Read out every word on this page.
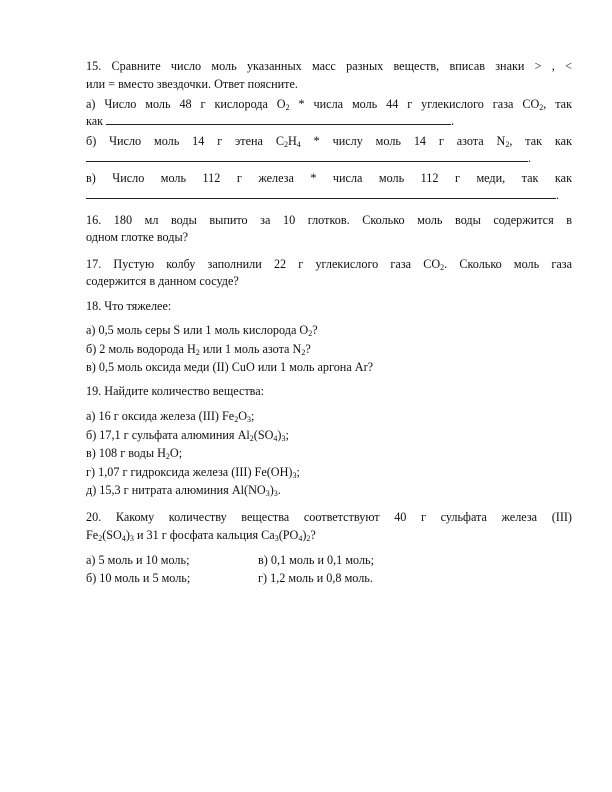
15. Сравните число моль указанных масс разных веществ, вписав знаки > , <
или = вместо звездочки. Ответ поясните.
а) Число моль 48 г кислорода $O_2$ * числа моль 44 г углекислого газа $CO_2$, так
как	.
б) Число моль 14 г этена $C_2H_4$ * числу моль 14 г азота $N_2$, так как
.
в) Число моль 112 г железа * числа моль 112 г меди, так как
.
16. 180 мл воды выпито за 10 глотков. Сколько моль воды содержится в
одном глотке воды?
17. Пустую колбу заполнили 22 г углекислого газа $CO_2$. Сколько моль газа
содержится в данном сосуде?
18. Что тяжелее:
а) 0,5 моль серы S или 1 моль кислорода $O_2$?
б) 2 моль водорода $H_2$ или 1 моль азота $N_2$?
в) 0,5 моль оксида меди (II) CuO или 1 моль аргона Ar?
19. Найдите количество вещества:
а) 16 г оксида железа (III) $Fe_2O_3$;
б) 17,1 г сульфата алюминия $Al_2(SO_4)_3$;
в) 108 г воды $H_2O$;
г) 1,07 г гидроксида железа (III) $Fe(OH)_3$;
д) 15,3 г нитрата алюминия $Al(NO_3)_3$.
20. Какому количеству вещества соответствуют 40 г сульфата железа (III)
$Fe_2(SO_4)_3$ и 31 г фосфата кальция $Ca_3(PO_4)_2$?
а) 5 моль и 10 моль;	в) 0,1 моль и 0,1 моль;
б) 10 моль и 5 моль;	г) 1,2 моль и 0,8 моль.
